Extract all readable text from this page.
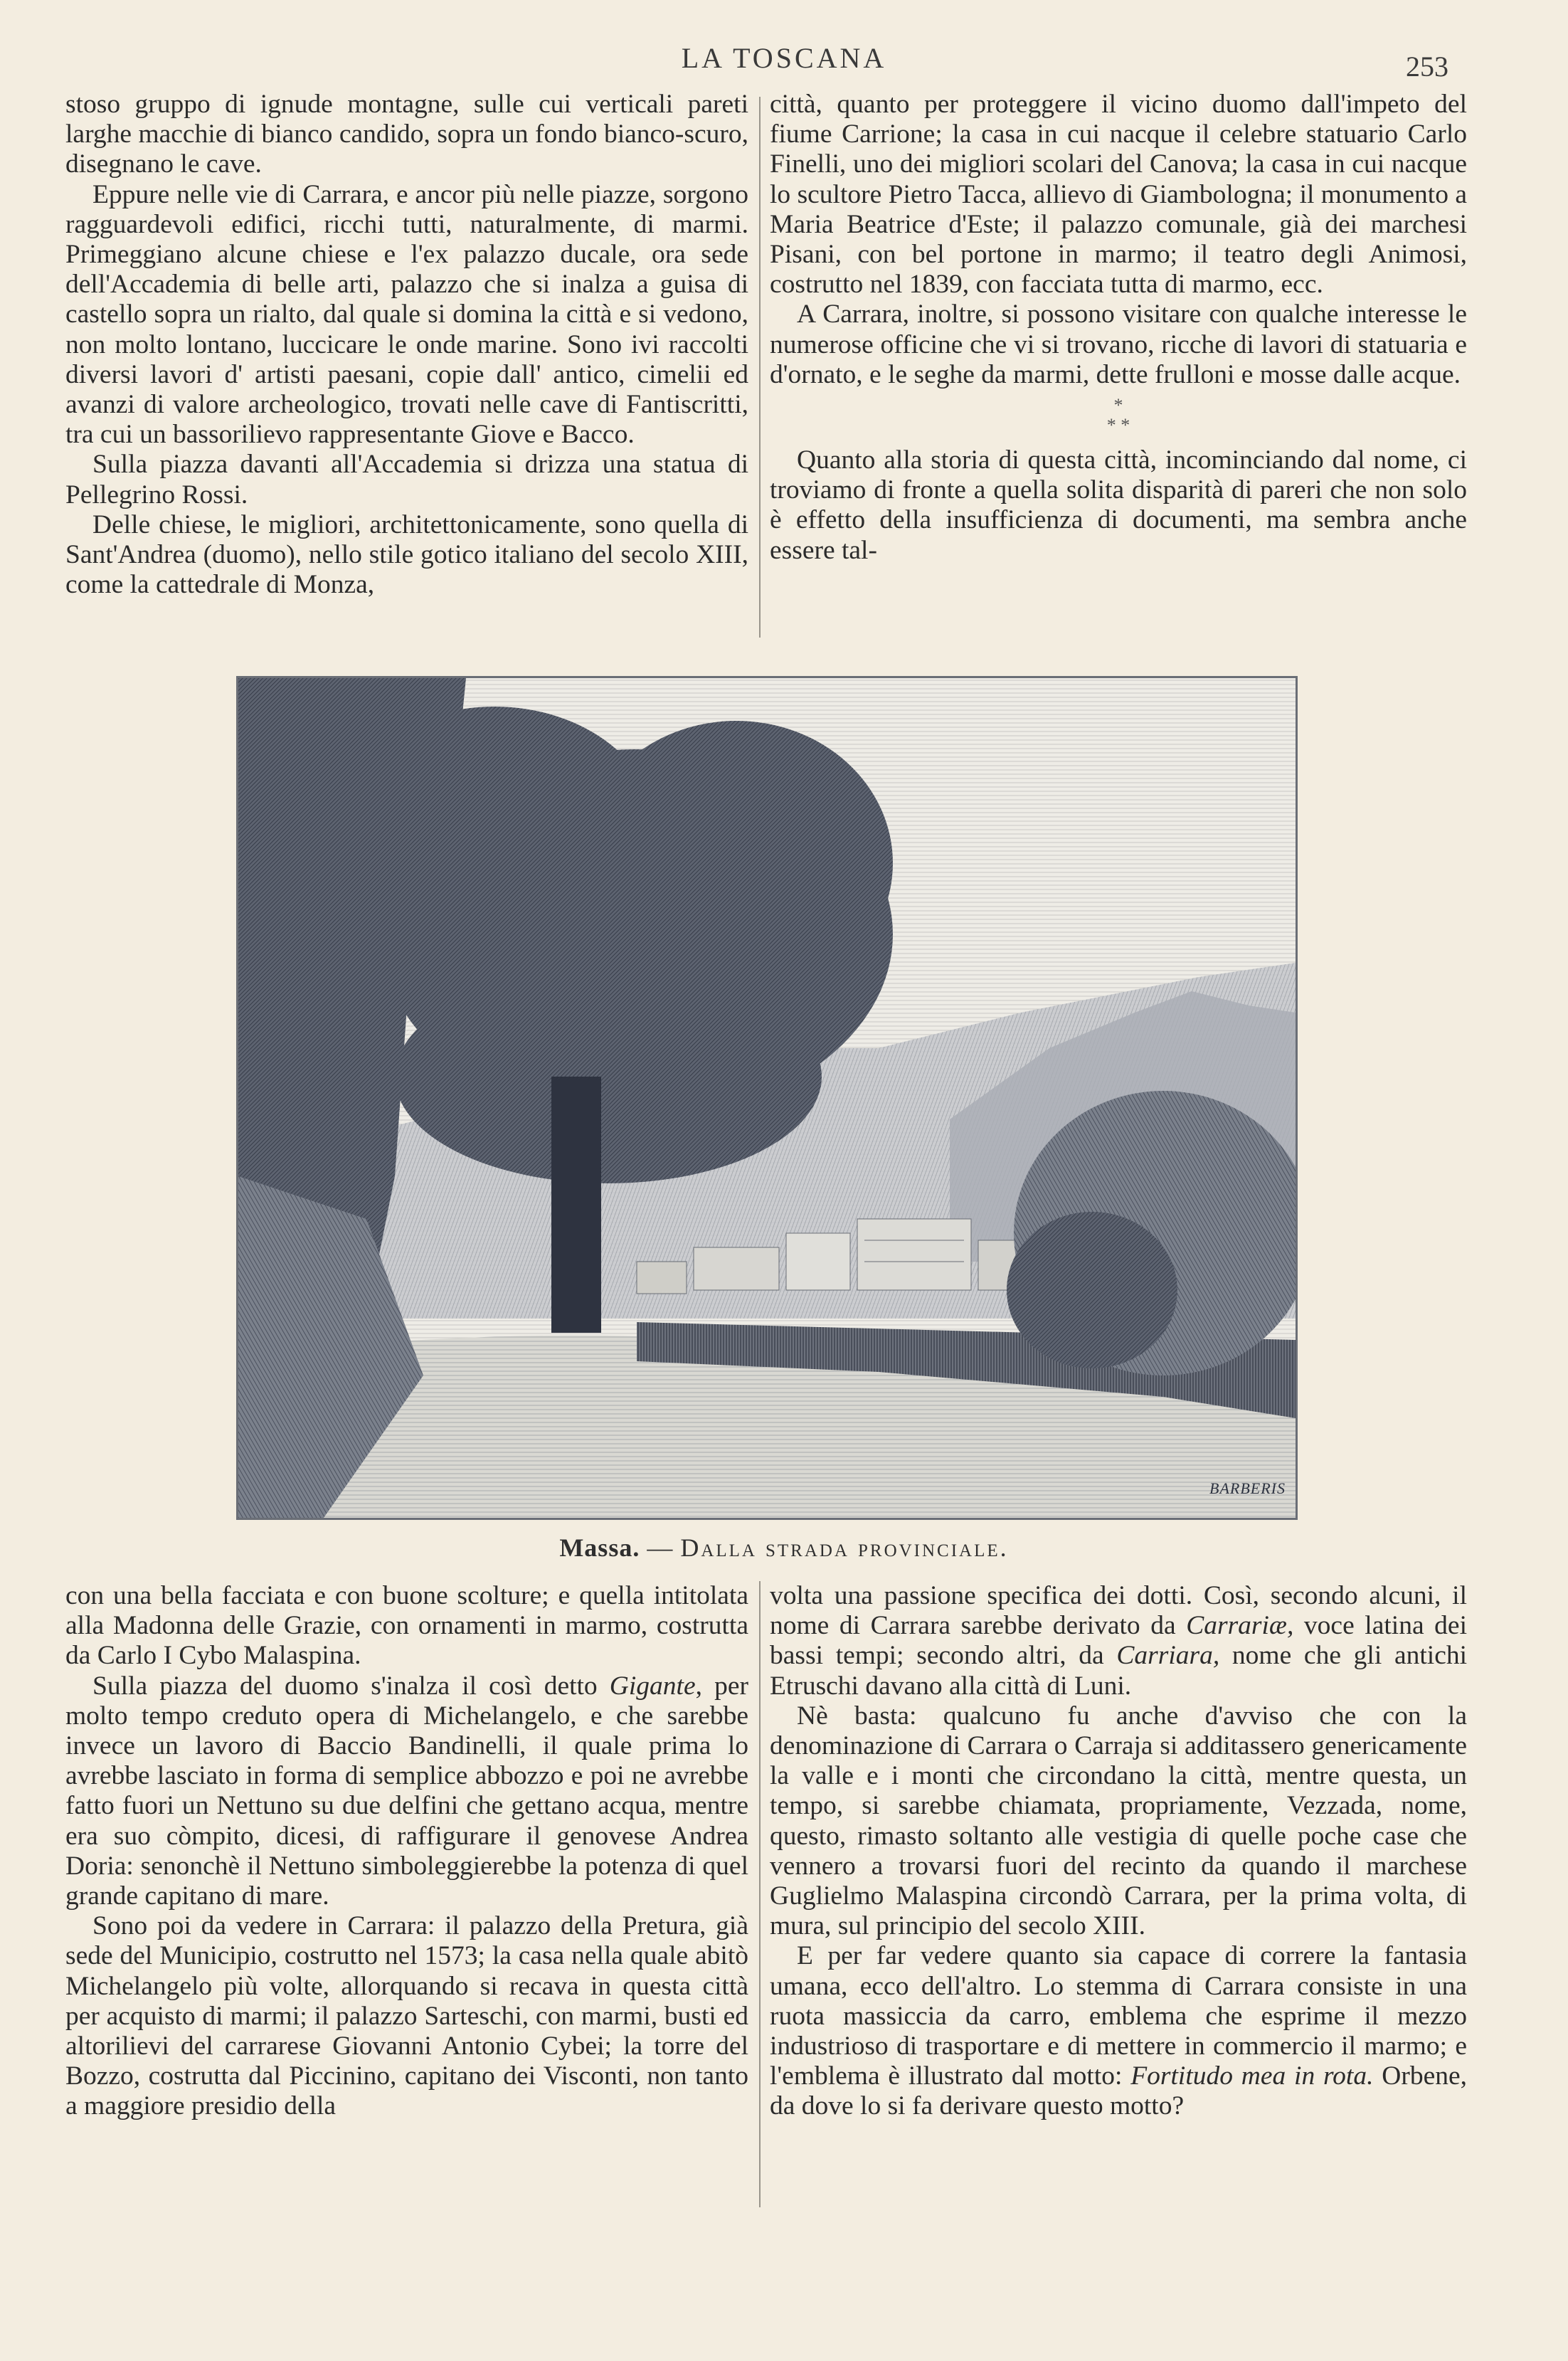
LA TOSCANA	253

stoso gruppo di ignude montagne, sulle cui verticali pareti larghe macchie di bianco candido, sopra un fondo bianco-scuro, disegnano le cave.

Eppure nelle vie di Carrara, e ancor più nelle piazze, sorgono ragguardevoli edifici, ricchi tutti, naturalmente, di marmi. Primeggiano alcune chiese e l'ex palazzo ducale, ora sede dell'Accademia di belle arti, palazzo che si inalza a guisa di castello sopra un rialto, dal quale si domina la città e si vedono, non molto lontano, luccicare le onde marine. Sono ivi raccolti diversi lavori d' artisti paesani, copie dall' antico, cimelii ed avanzi di valore archeologico, trovati nelle cave di Fantiscritti, tra cui un bassorilievo rappresentante Giove e Bacco.

Sulla piazza davanti all'Accademia si drizza una statua di Pellegrino Rossi.

Delle chiese, le migliori, architettonicamente, sono quella di Sant'Andrea (duomo), nello stile gotico italiano del secolo XIII, come la cattedrale di Monza,

città, quanto per proteggere il vicino duomo dall'impeto del fiume Carrione; la casa in cui nacque il celebre statuario Carlo Finelli, uno dei migliori scolari del Canova; la casa in cui nacque lo scultore Pietro Tacca, allievo di Giambologna; il monumento a Maria Beatrice d'Este; il palazzo comunale, già dei marchesi Pisani, con bel portone in marmo; il teatro degli Animosi, costrutto nel 1839, con facciata tutta di marmo, ecc.

A Carrara, inoltre, si possono visitare con qualche interesse le numerose officine che vi si trovano, ricche di lavori di statuaria e d'ornato, e le seghe da marmi, dette frulloni e mosse dalle acque.

*
* *

Quanto alla storia di questa città, incominciando dal nome, ci troviamo di fronte a quella solita disparità di pareri che non solo è effetto della insufficienza di documenti, ma sembra anche essere tal-

BARBERIS
Massa. — Dalla strada provinciale.

con una bella facciata e con buone scolture; e quella intitolata alla Madonna delle Grazie, con ornamenti in marmo, costrutta da Carlo I Cybo Malaspina.

Sulla piazza del duomo s'inalza il così detto Gigante, per molto tempo creduto opera di Michelangelo, e che sarebbe invece un lavoro di Baccio Bandinelli, il quale prima lo avrebbe lasciato in forma di semplice abbozzo e poi ne avrebbe fatto fuori un Nettuno su due delfini che gettano acqua, mentre era suo còmpito, dicesi, di raffigurare il genovese Andrea Doria: senonchè il Nettuno simboleggierebbe la potenza di quel grande capitano di mare.

Sono poi da vedere in Carrara: il palazzo della Pretura, già sede del Municipio, costrutto nel 1573; la casa nella quale abitò Michelangelo più volte, allorquando si recava in questa città per acquisto di marmi; il palazzo Sarteschi, con marmi, busti ed altorilievi del carrarese Giovanni Antonio Cybei; la torre del Bozzo, costrutta dal Piccinino, capitano dei Visconti, non tanto a maggiore presidio della

volta una passione specifica dei dotti. Così, secondo alcuni, il nome di Carrara sarebbe derivato da Carrariæ, voce latina dei bassi tempi; secondo altri, da Carriara, nome che gli antichi Etruschi davano alla città di Luni.

Nè basta: qualcuno fu anche d'avviso che con la denominazione di Carrara o Carraja si additassero genericamente la valle e i monti che circondano la città, mentre questa, un tempo, si sarebbe chiamata, propriamente, Vezzada, nome, questo, rimasto soltanto alle vestigia di quelle poche case che vennero a trovarsi fuori del recinto da quando il marchese Guglielmo Malaspina circondò Carrara, per la prima volta, di mura, sul principio del secolo XIII.

E per far vedere quanto sia capace di correre la fantasia umana, ecco dell'altro. Lo stemma di Carrara consiste in una ruota massiccia da carro, emblema che esprime il mezzo industrioso di trasportare e di mettere in commercio il marmo; e l'emblema è illustrato dal motto: Fortitudo mea in rota. Orbene, da dove lo si fa derivare questo motto?
